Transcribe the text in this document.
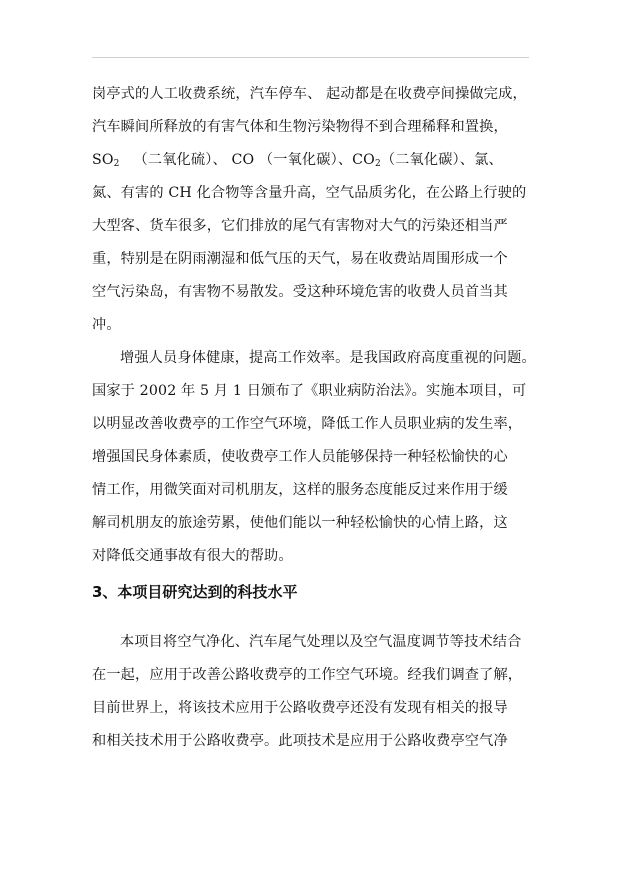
岗亭式的人工收费系统，汽车停车、 起动都是在收费亭间操做完成，
汽车瞬间所释放的有害气体和生物污染物得不到合理稀释和置换，
$SO_2$ （二氧化硫）、 CO （一氧化碳）、$CO_2$（二氧化碳）、氯、
氮、有害的 CH 化合物等含量升高，空气品质劣化，在公路上行驶的
大型客、货车很多，它们排放的尾气有害物对大气的污染还相当严
重，特别是在阴雨潮湿和低气压的天气，易在收费站周围形成一个
空气污染岛，有害物不易散发。受这种环境危害的收费人员首当其
冲。
增强人员身体健康，提高工作效率。是我国政府高度重视的问题。
国家于 2002 年 5 月 1 日颁布了《职业病防治法》。实施本项目，可
以明显改善收费亭的工作空气环境，降低工作人员职业病的发生率，
增强国民身体素质，使收费亭工作人员能够保持一种轻松愉快的心
情工作，用微笑面对司机朋友，这样的服务态度能反过来作用于缓
解司机朋友的旅途劳累，使他们能以一种轻松愉快的心情上路，这
对降低交通事故有很大的帮助。
3、本项目研究达到的科技水平
本项目将空气净化、汽车尾气处理以及空气温度调节等技术结合
在一起，应用于改善公路收费亭的工作空气环境。经我们调查了解，
目前世界上，将该技术应用于公路收费亭还没有发现有相关的报导
和相关技术用于公路收费亭。此项技术是应用于公路收费亭空气净
